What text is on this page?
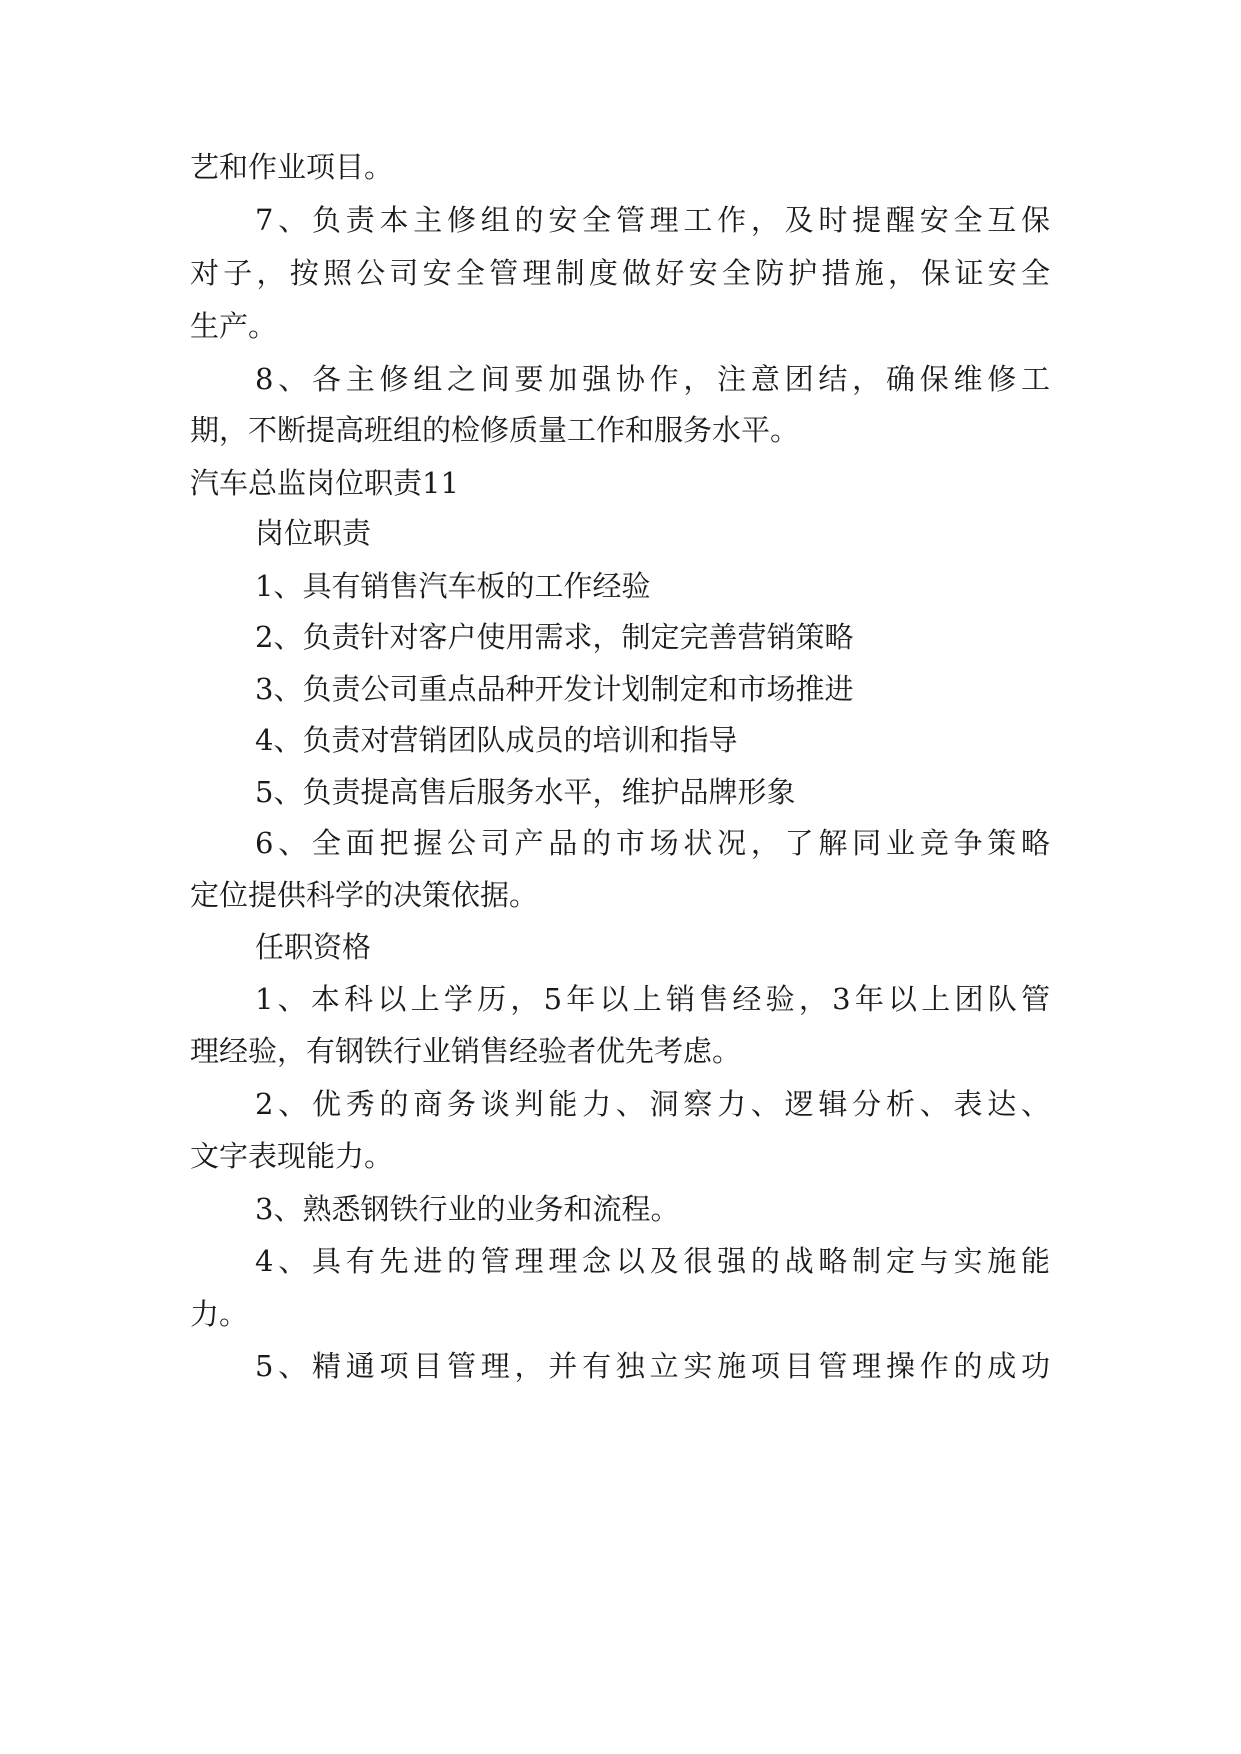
艺和作业项目。
7、负责本主修组的安全管理工作，及时提醒安全互保
对子，按照公司安全管理制度做好安全防护措施，保证安全
生产。
8、各主修组之间要加强协作，注意团结，确保维修工
期，不断提高班组的检修质量工作和服务水平。
汽车总监岗位职责11
岗位职责
1、具有销售汽车板的工作经验
2、负责针对客户使用需求，制定完善营销策略
3、负责公司重点品种开发计划制定和市场推进
4、负责对营销团队成员的培训和指导
5、负责提高售后服务水平，维护品牌形象
6、全面把握公司产品的市场状况，了解同业竞争策略
定位提供科学的决策依据。
任职资格
1、本科以上学历，5年以上销售经验，3年以上团队管
理经验，有钢铁行业销售经验者优先考虑。
2、优秀的商务谈判能力、洞察力、逻辑分析、表达、
文字表现能力。
3、熟悉钢铁行业的业务和流程。
4、具有先进的管理理念以及很强的战略制定与实施能
力。
5、精通项目管理，并有独立实施项目管理操作的成功
